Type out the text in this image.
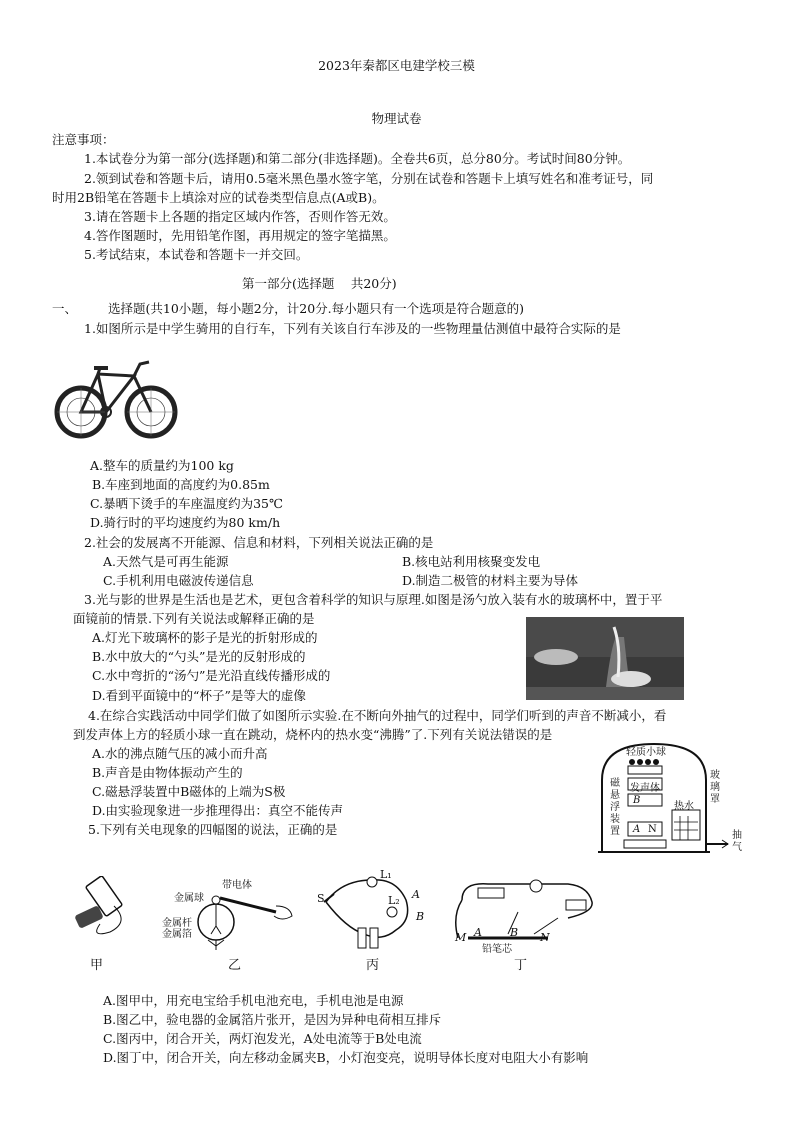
2023年秦都区电建学校三模
物理试卷
注意事项：
1.本试卷分为第一部分(选择题)和第二部分(非选择题)。全卷共6页，总分80分。考试时间80分钟。
2.领到试卷和答题卡后，请用0.5毫米黑色墨水签字笔，分别在试卷和答题卡上填写姓名和准考证号，同
时用2B铅笔在答题卡上填涂对应的试卷类型信息点(A或B)。
3.请在答题卡上各题的指定区域内作答，否则作答无效。
4.答作图题时，先用铅笔作图，再用规定的签字笔描黑。
5.考试结束，本试卷和答题卡一并交回。
第一部分(选择题　 共20分)
一、 选择题(共10小题，每小题2分，计20分.每小题只有一个选项是符合题意的)
1.如图所示是中学生骑用的自行车，下列有关该自行车涉及的一些物理量估测值中最符合实际的是
A.整车的质量约为100 kg
B.车座到地面的高度约为0.85m
C.暴晒下烫手的车座温度约为35℃
D.骑行时的平均速度约为80 km/h
2.社会的发展离不开能源、信息和材料，下列相关说法正确的是
A.天然气是可再生能源	B.核电站利用核聚变发电
C.手机利用电磁波传递信息	D.制造二极管的材料主要为导体
3.光与影的世界是生活也是艺术，更包含着科学的知识与原理.如图是汤勺放入装有水的玻璃杯中，置于平
面镜前的情景.下列有关说法或解释正确的是
A.灯光下玻璃杯的影子是光的折射形成的
B.水中放大的“勺头”是光的反射形成的
C.水中弯折的“汤勺”是光沿直线传播形成的
D.看到平面镜中的“杯子”是等大的虚像
4.在综合实践活动中同学们做了如图所示实验.在不断向外抽气的过程中，同学们听到的声音不断减小，看
到发声体上方的轻质小球一直在跳动，烧杯内的热水变“沸腾”了.下列有关说法错误的是
A.水的沸点随气压的减小而升高
B.声音是由物体振动产生的
C.磁悬浮装置中B磁体的上端为S极
D.由实验现象进一步推理得出：真空不能传声
轻质小球
玻
璃
罩
磁
悬
浮
装
置
发声体
B
热水
A N
抽
气
5.下列有关电现象的四幅图的说法，正确的是
甲
带电体
金属球
金属杆
金属箔
乙
S
L₁
L₂ A
B
丙
M A	B N
铅笔芯
丁
A.图甲中，用充电宝给手机电池充电，手机电池是电源
B.图乙中，验电器的金属箔片张开，是因为异种电荷相互排斥
C.图丙中，闭合开关，两灯泡发光，A处电流等于B处电流
D.图丁中，闭合开关，向左移动金属夹B，小灯泡变亮，说明导体长度对电阻大小有影响
